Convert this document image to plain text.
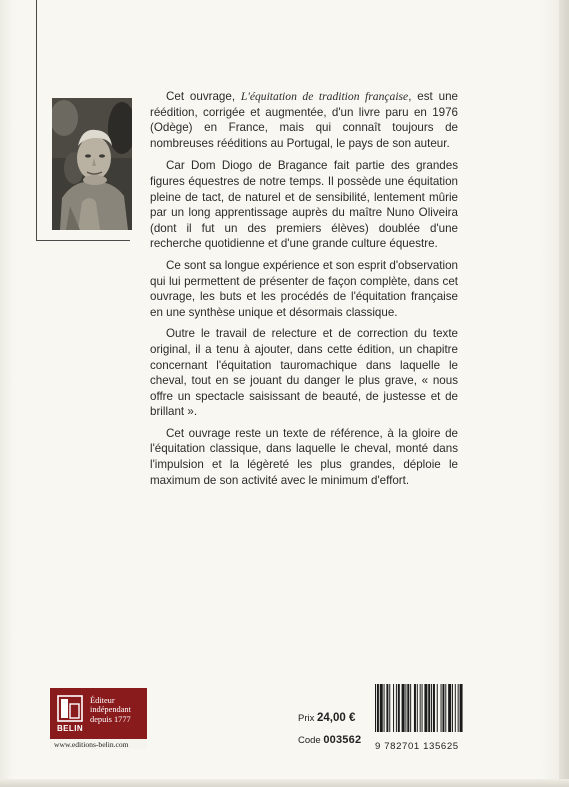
Cet ouvrage, L'équitation de tradition française, est une réédition, corrigée et augmentée, d'un livre paru en 1976 (Odège) en France, mais qui connaît toujours de nombreuses rééditions au Portugal, le pays de son auteur.

Car Dom Diogo de Bragance fait partie des grandes figures équestres de notre temps. Il possède une équitation pleine de tact, de naturel et de sensibilité, lentement mûrie par un long apprentissage auprès du maître Nuno Oliveira (dont il fut un des premiers élèves) doublée d'une recherche quotidienne et d'une grande culture équestre.

Ce sont sa longue expérience et son esprit d'observation qui lui permettent de présenter de façon complète, dans cet ouvrage, les buts et les procédés de l'équitation française en une synthèse unique et désormais classique.

Outre le travail de relecture et de correction du texte original, il a tenu à ajouter, dans cette édition, un chapitre concernant l'équitation tauromachique dans laquelle le cheval, tout en se jouant du danger le plus grave, « nous offre un spectacle saisissant de beauté, de justesse et de brillant ».

Cet ouvrage reste un texte de référence, à la gloire de l'équitation classique, dans laquelle le cheval, monté dans l'impulsion et la légèreté les plus grandes, déploie le maximum de son activité avec le minimum d'effort.

BELIN
Éditeur
indépendant
depuis 1777
www.editions-belin.com
Prix 24,00 €
Code 003562
9 782701 135625
